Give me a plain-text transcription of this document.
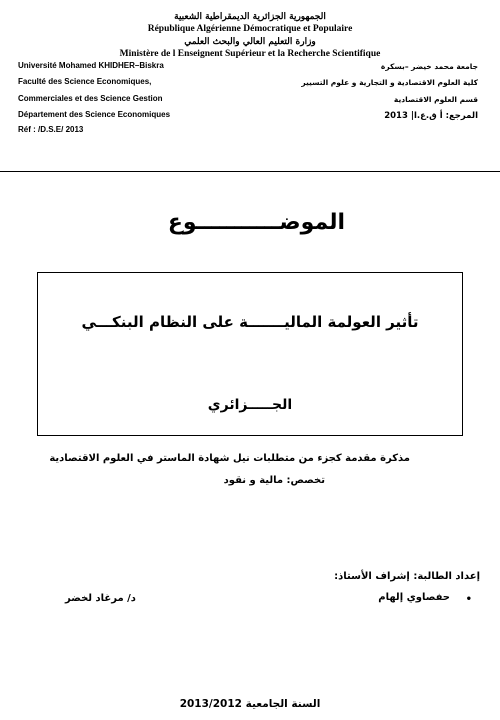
الجمهورية الجزائرية الديمقراطية الشعبية
République Algérienne Démocratique et Populaire
وزارة التعليم العالي والبحث العلمي
Ministère de l Enseignent Supérieur et la Recherche Scientifique
Université Mohamed KHIDHER–Biskra
Faculté des Science Economiques,
Commerciales et des Science Gestion
Département des Science Economiques
Réf : /D.S.E/ 2013
جامعة محمد خيضر –بسكرة
كلية العلوم الاقتصادية و التجارية و علوم التسيير
قسم العلوم الاقتصادية
المرجع: أ ق.ع.ا| 2013
الموضـــــــــــوع
تأثير العولمة الماليـــــــة على النظام البنكـــي
الجـــــزائري
مذكرة مقدمة كجزء من متطلبات نيل شهادة الماستر في العلوم الاقتصادية
تخصص: مالية و نقود
إعداد الطالبة: إشراف الأستاذ:
•
حفصاوي إلهام
د/ مرغاد لخضر
السنة الجامعية 2013/2012
